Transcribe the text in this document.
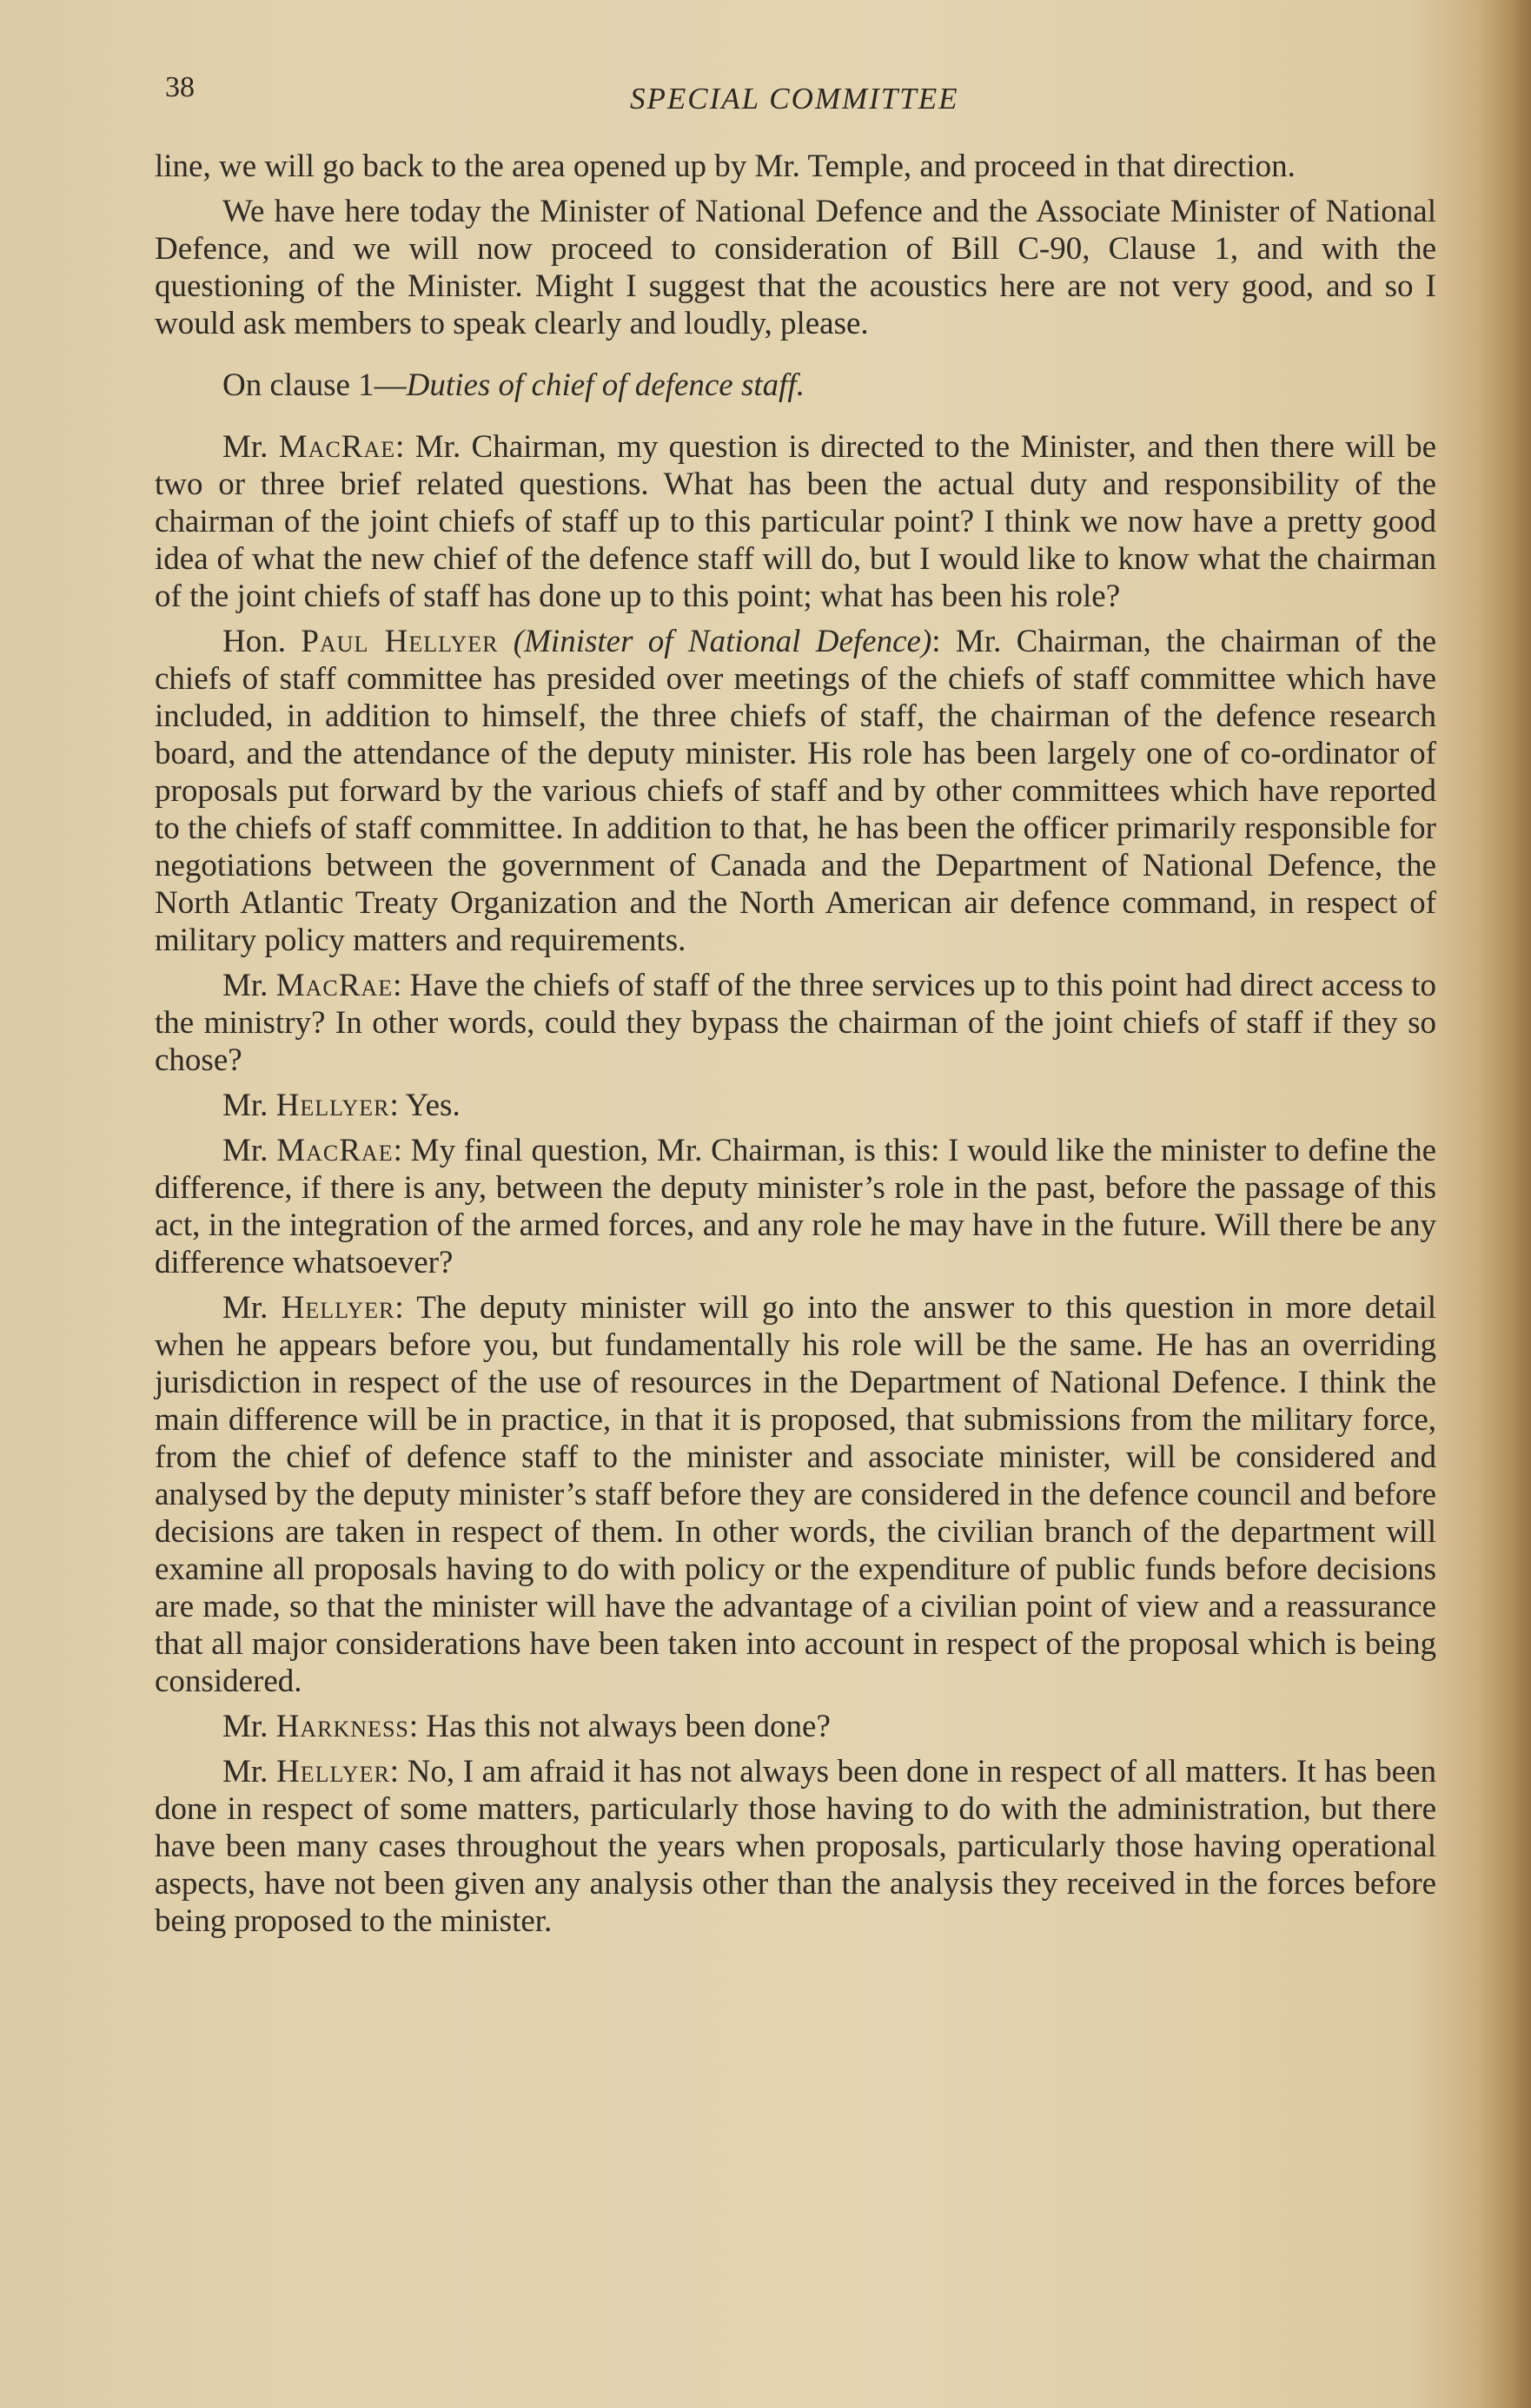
38	SPECIAL COMMITTEE

line, we will go back to the area opened up by Mr. Temple, and proceed in that direction.

We have here today the Minister of National Defence and the Associate Minister of National Defence, and we will now proceed to consideration of Bill C-90, Clause 1, and with the questioning of the Minister. Might I suggest that the acoustics here are not very good, and so I would ask members to speak clearly and loudly, please.

On clause 1—Duties of chief of defence staff.

Mr. MacRae: Mr. Chairman, my question is directed to the Minister, and then there will be two or three brief related questions. What has been the actual duty and responsibility of the chairman of the joint chiefs of staff up to this particular point? I think we now have a pretty good idea of what the new chief of the defence staff will do, but I would like to know what the chairman of the joint chiefs of staff has done up to this point; what has been his role?

Hon. Paul Hellyer (Minister of National Defence): Mr. Chairman, the chairman of the chiefs of staff committee has presided over meetings of the chiefs of staff committee which have included, in addition to himself, the three chiefs of staff, the chairman of the defence research board, and the attendance of the deputy minister. His role has been largely one of co-ordinator of proposals put forward by the various chiefs of staff and by other committees which have reported to the chiefs of staff committee. In addition to that, he has been the officer primarily responsible for negotiations between the government of Canada and the Department of National Defence, the North Atlantic Treaty Organization and the North American air defence command, in respect of military policy matters and requirements.

Mr. MacRae: Have the chiefs of staff of the three services up to this point had direct access to the ministry? In other words, could they bypass the chairman of the joint chiefs of staff if they so chose?

Mr. Hellyer: Yes.

Mr. MacRae: My final question, Mr. Chairman, is this: I would like the minister to define the difference, if there is any, between the deputy minister’s role in the past, before the passage of this act, in the integration of the armed forces, and any role he may have in the future. Will there be any difference whatsoever?

Mr. Hellyer: The deputy minister will go into the answer to this question in more detail when he appears before you, but fundamentally his role will be the same. He has an overriding jurisdiction in respect of the use of resources in the Department of National Defence. I think the main difference will be in practice, in that it is proposed, that submissions from the military force, from the chief of defence staff to the minister and associate minister, will be considered and analysed by the deputy minister’s staff before they are considered in the defence council and before decisions are taken in respect of them. In other words, the civilian branch of the department will examine all proposals having to do with policy or the expenditure of public funds before decisions are made, so that the minister will have the advantage of a civilian point of view and a reassurance that all major considerations have been taken into account in respect of the proposal which is being considered.

Mr. Harkness: Has this not always been done?

Mr. Hellyer: No, I am afraid it has not always been done in respect of all matters. It has been done in respect of some matters, particularly those having to do with the administration, but there have been many cases throughout the years when proposals, particularly those having operational aspects, have not been given any analysis other than the analysis they received in the forces before being proposed to the minister.
